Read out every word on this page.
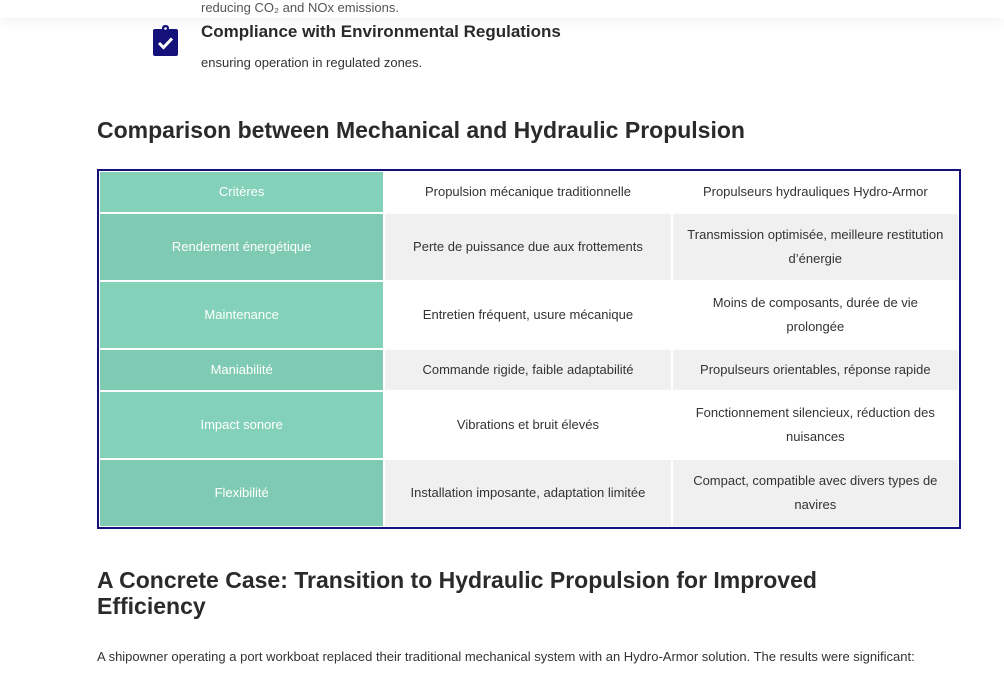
reducing CO₂ and NOx emissions.
Compliance with Environmental Regulations
ensuring operation in regulated zones.
Comparison between Mechanical and Hydraulic Propulsion
Critères	Propulsion mécanique traditionnelle	Propulseurs hydrauliques Hydro-Armor
Rendement énergétique	Perte de puissance due aux frottements	Transmission optimisée, meilleure restitution d’énergie
Maintenance	Entretien fréquent, usure mécanique	Moins de composants, durée de vie prolongée
Maniabilité	Commande rigide, faible adaptabilité	Propulseurs orientables, réponse rapide
Impact sonore	Vibrations et bruit élevés	Fonctionnement silencieux, réduction des nuisances
Flexibilité	Installation imposante, adaptation limitée	Compact, compatible avec divers types de navires
A Concrete Case: Transition to Hydraulic Propulsion for Improved Efficiency
A shipowner operating a port workboat replaced their traditional mechanical system with an Hydro-Armor solution. The results were significant:
